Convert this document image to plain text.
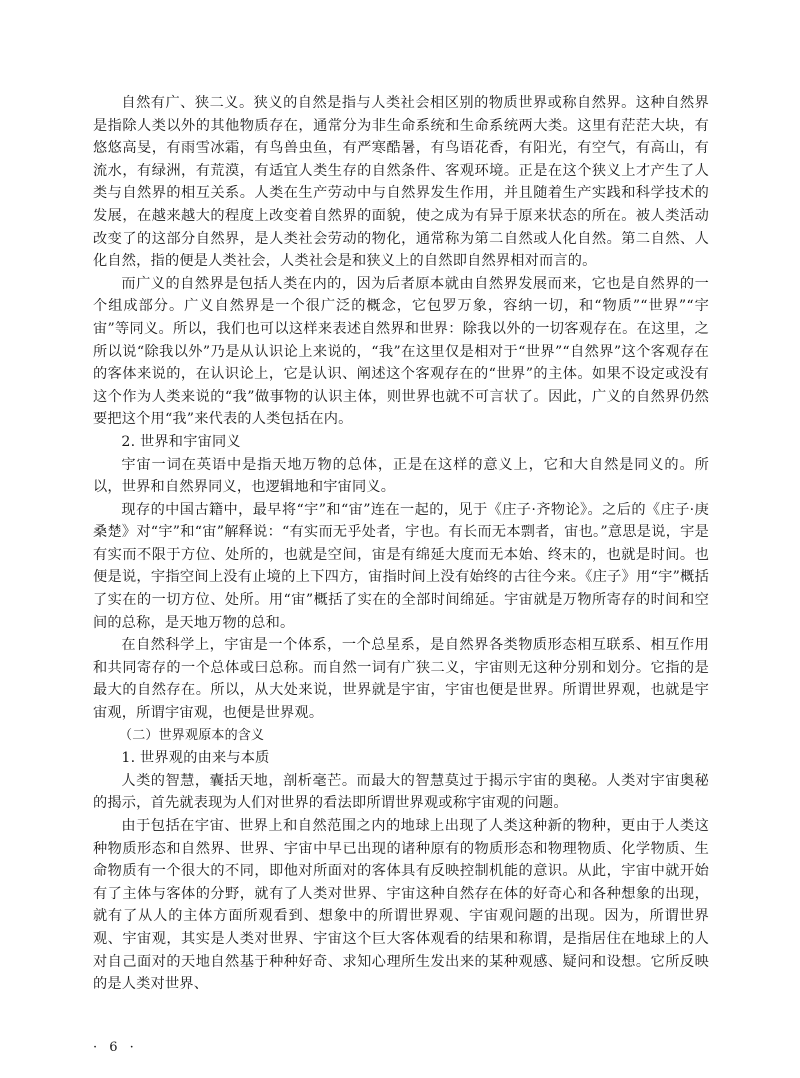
自然有广、狭二义。狭义的自然是指与人类社会相区别的物质世界或称自然界。这种自然界是指除人类以外的其他物质存在，通常分为非生命系统和生命系统两大类。这里有茫茫大块，有悠悠高旻，有雨雪冰霜，有鸟兽虫鱼，有严寒酷暑，有鸟语花香，有阳光，有空气，有高山，有流水，有绿洲，有荒漠，有适宜人类生存的自然条件、客观环境。正是在这个狭义上才产生了人类与自然界的相互关系。人类在生产劳动中与自然界发生作用，并且随着生产实践和科学技术的发展，在越来越大的程度上改变着自然界的面貌，使之成为有异于原来状态的所在。被人类活动改变了的这部分自然界，是人类社会劳动的物化，通常称为第二自然或人化自然。第二自然、人化自然，指的便是人类社会，人类社会是和狭义上的自然即自然界相对而言的。

而广义的自然界是包括人类在内的，因为后者原本就由自然界发展而来，它也是自然界的一个组成部分。广义自然界是一个很广泛的概念，它包罗万象，容纳一切，和“物质”“世界”“宇宙”等同义。所以，我们也可以这样来表述自然界和世界：除我以外的一切客观存在。在这里，之所以说“除我以外”乃是从认识论上来说的，“我”在这里仅是相对于“世界”“自然界”这个客观存在的客体来说的，在认识论上，它是认识、阐述这个客观存在的“世界”的主体。如果不设定或没有这个作为人类来说的“我”做事物的认识主体，则世界也就不可言状了。因此，广义的自然界仍然要把这个用“我”来代表的人类包括在内。

2. 世界和宇宙同义

宇宙一词在英语中是指天地万物的总体，正是在这样的意义上，它和大自然是同义的。所以，世界和自然界同义，也逻辑地和宇宙同义。

现存的中国古籍中，最早将“宇”和“宙”连在一起的，见于《庄子·齐物论》。之后的《庄子·庚桑楚》对“宇”和“宙”解释说：“有实而无乎处者，宇也。有长而无本剽者，宙也。”意思是说，宇是有实而不限于方位、处所的，也就是空间，宙是有绵延大度而无本始、终末的，也就是时间。也便是说，宇指空间上没有止境的上下四方，宙指时间上没有始终的古往今来。《庄子》用“宇”概括了实在的一切方位、处所。用“宙”概括了实在的全部时间绵延。宇宙就是万物所寄存的时间和空间的总称，是天地万物的总和。

在自然科学上，宇宙是一个体系，一个总星系，是自然界各类物质形态相互联系、相互作用和共同寄存的一个总体或曰总称。而自然一词有广狭二义，宇宙则无这种分别和划分。它指的是最大的自然存在。所以，从大处来说，世界就是宇宙，宇宙也便是世界。所谓世界观，也就是宇宙观，所谓宇宙观，也便是世界观。

（二）世界观原本的含义

1. 世界观的由来与本质

人类的智慧，囊括天地，剖析毫芒。而最大的智慧莫过于揭示宇宙的奥秘。人类对宇宙奥秘的揭示，首先就表现为人们对世界的看法即所谓世界观或称宇宙观的问题。

由于包括在宇宙、世界上和自然范围之内的地球上出现了人类这种新的物种，更由于人类这种物质形态和自然界、世界、宇宙中早已出现的诸种原有的物质形态和物理物质、化学物质、生命物质有一个很大的不同，即他对所面对的客体具有反映控制机能的意识。从此，宇宙中就开始有了主体与客体的分野，就有了人类对世界、宇宙这种自然存在体的好奇心和各种想象的出现，就有了从人的主体方面所观看到、想象中的所谓世界观、宇宙观问题的出现。因为，所谓世界观、宇宙观，其实是人类对世界、宇宙这个巨大客体观看的结果和称谓，是指居住在地球上的人对自己面对的天地自然基于种种好奇、求知心理所生发出来的某种观感、疑问和设想。它所反映的是人类对世界、

· 6 ·
